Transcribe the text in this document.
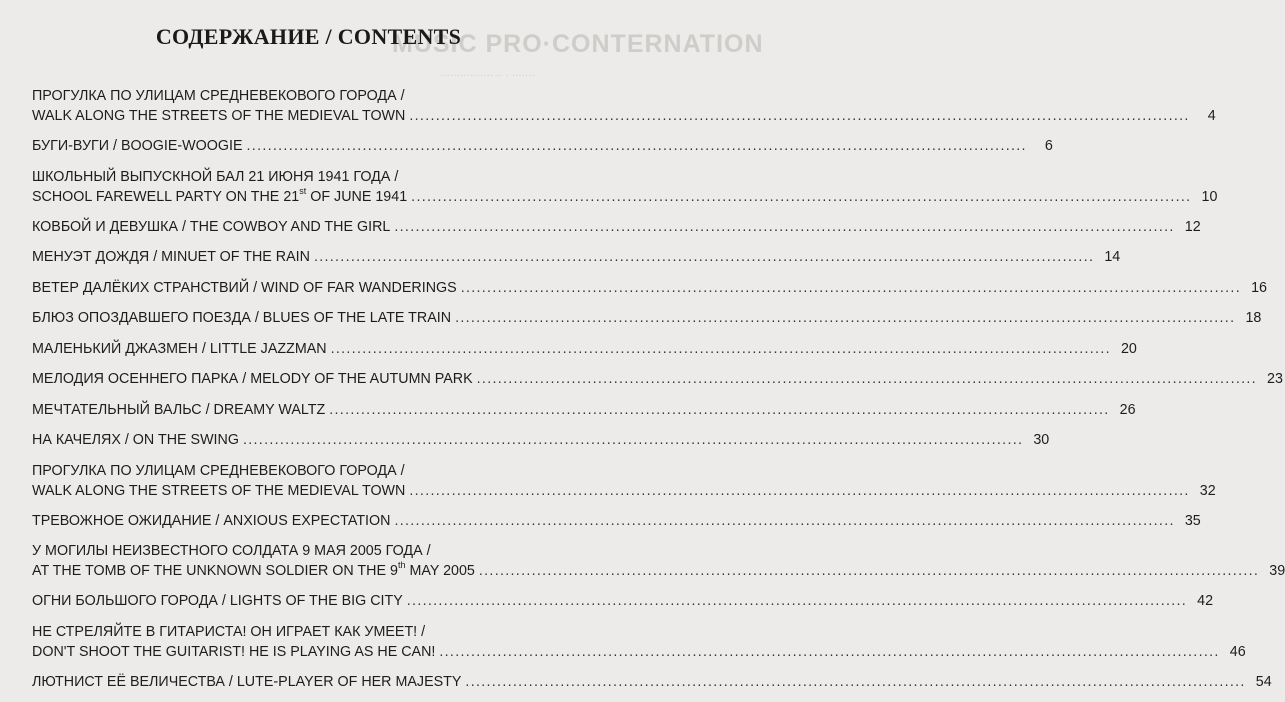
MUSIC PRO·CONTERNATION
················ ·· · ·······
СОДЕРЖАНИЕ / CONTENTS
ПРОГУЛКА ПО УЛИЦАМ СРЕДНЕВЕКОВОГО ГОРОДА /
WALK ALONG THE STREETS OF THE MEDIEVAL TOWN .....	4
БУГИ-ВУГИ / BOOGIE-WOOGIE .....	6
ШКОЛЬНЫЙ ВЫПУСКНОЙ БАЛ 21 ИЮНЯ 1941 ГОДА /
SCHOOL FAREWELL PARTY ON THE 21st OF JUNE 1941 .....	10
КОВБОЙ И ДЕВУШКА / THE COWBOY AND THE GIRL .....	12
МЕНУЭТ ДОЖДЯ / MINUET OF THE RAIN .....	14
ВЕТЕР ДАЛЁКИХ СТРАНСТВИЙ / WIND OF FAR WANDERINGS .....	16
БЛЮЗ ОПОЗДАВШЕГО ПОЕЗДА / BLUES OF THE LATE TRAIN .....	18
МАЛЕНЬКИЙ ДЖАЗМЕН / LITTLE JAZZMAN .....	20
МЕЛОДИЯ ОСЕННЕГО ПАРКА / MELODY OF THE AUTUMN PARK .....	23
МЕЧТАТЕЛЬНЫЙ ВАЛЬС / DREAMY WALTZ .....	26
НА КАЧЕЛЯХ / ON THE SWING .....	30
ПРОГУЛКА ПО УЛИЦАМ СРЕДНЕВЕКОВОГО ГОРОДА /
WALK ALONG THE STREETS OF THE MEDIEVAL TOWN .....	32
ТРЕВОЖНОЕ ОЖИДАНИЕ / ANXIOUS EXPECTATION .....	35
У МОГИЛЫ НЕИЗВЕСТНОГО СОЛДАТА 9 МАЯ 2005 ГОДА /
AT THE TOMB OF THE UNKNOWN SOLDIER ON THE 9th MAY 2005 .....	39
ОГНИ БОЛЬШОГО ГОРОДА / LIGHTS OF THE BIG CITY .....	42
НЕ СТРЕЛЯЙТЕ В ГИТАРИСТА! ОН ИГРАЕТ КАК УМЕЕТ! /
DON'T SHOOT THE GUITARIST! HE IS PLAYING AS HE CAN! .....	46
ЛЮТНИСТ ЕЁ ВЕЛИЧЕСТВА / LUTE-PLAYER OF HER MAJESTY .....	54
